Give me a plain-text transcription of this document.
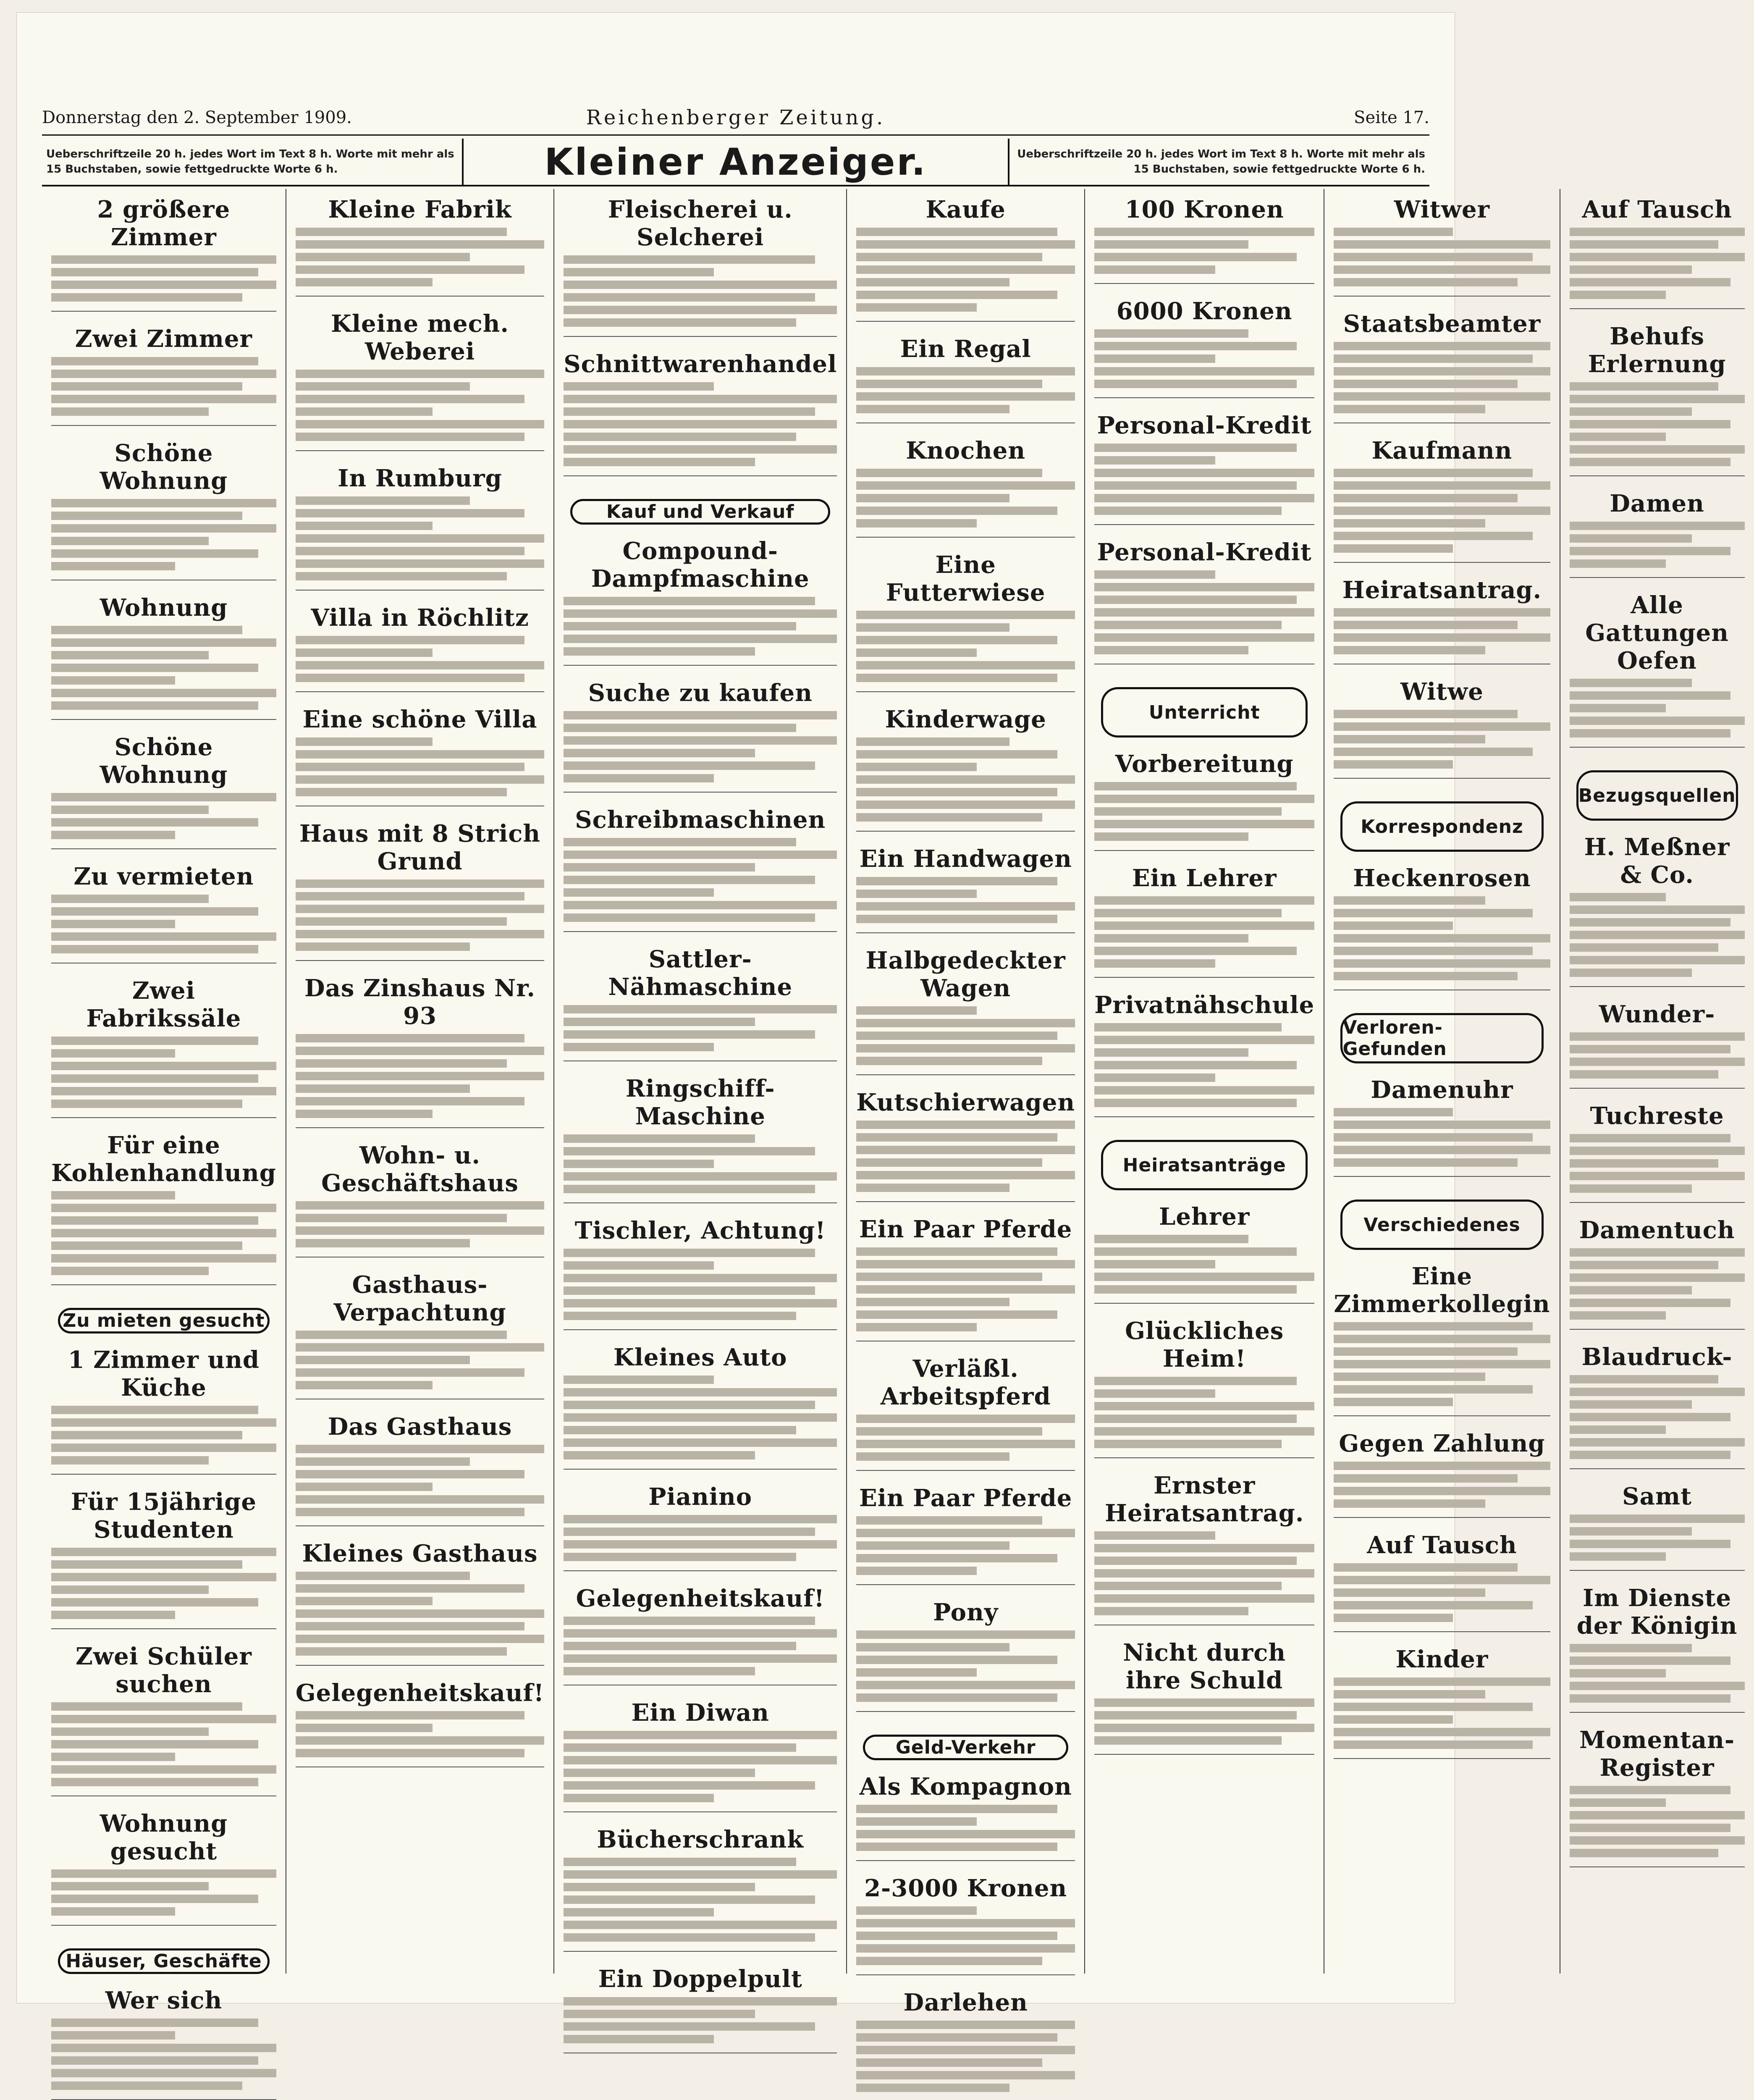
Donnerstag den 2. September 1909.	Reichenberger Zeitung.	Seite 17.
Ueberschriftzeile 20 h. jedes Wort im Text 8 h. Worte mit mehr als 15 Buchstaben, sowie fettgedruckte Worte 6 h.	Kleiner Anzeiger.	Ueberschriftzeile 20 h. jedes Wort im Text 8 h. Worte mit mehr als 15 Buchstaben, sowie fettgedruckte Worte 6 h.
2 größere Zimmer
Zwei Zimmer
Schöne Wohnung
Wohnung
Schöne Wohnung
Zu vermieten
Zwei Fabrikssäle
Für eine Kohlenhandlung
Zu mieten gesucht
1 Zimmer und Küche
Für 15jährige Studenten
Zwei Schüler suchen
Wohnung gesucht
Häuser, Geschäfte
Wer sich
Kleine Fabrik
Kleine mech. Weberei
In Rumburg
Villa in Röchlitz
Eine schöne Villa
Haus mit 8 Strich Grund
Das Zinshaus Nr. 93
Wohn- u. Geschäftshaus
Gasthaus-Verpachtung
Das Gasthaus
Kleines Gasthaus
Gelegenheitskauf!
Fleischerei u. Selcherei
Schnittwarenhandel
Kauf und Verkauf
Compound-Dampfmaschine
Suche zu kaufen
Schreibmaschinen
Sattler-Nähmaschine
Ringschiff-Maschine
Tischler, Achtung!
Kleines Auto
Pianino
Gelegenheitskauf!
Ein Diwan
Bücherschrank
Ein Doppelpult
Kaufe
Ein Regal
Knochen
Eine Futterwiese
Kinderwage
Ein Handwagen
Halbgedeckter Wagen
Kutschierwagen
Ein Paar Pferde
Verläßl. Arbeitspferd
Ein Paar Pferde
Pony
Geld-Verkehr
Als Kompagnon
2-3000 Kronen
Darlehen
100 Kronen
6000 Kronen
Personal-Kredit
Personal-Kredit
Unterricht
Vorbereitung
Ein Lehrer
Privatnähschule
Heiratsanträge
Lehrer
Glückliches Heim!
Ernster Heiratsantrag.
Nicht durch ihre Schuld
Witwer
Staatsbeamter
Kaufmann
Heiratsantrag.
Witwe
Korrespondenz
Heckenrosen
Verloren-Gefunden
Damenuhr
Verschiedenes
Eine Zimmerkollegin
Gegen Zahlung
Auf Tausch
Kinder
Auf Tausch
Behufs Erlernung
Damen
Alle Gattungen Oefen
Bezugsquellen
H. Meßner & Co.
Wunder-
Tuchreste
Damentuch
Blaudruck-
Samt
Im Dienste der Königin
Momentan-Register
